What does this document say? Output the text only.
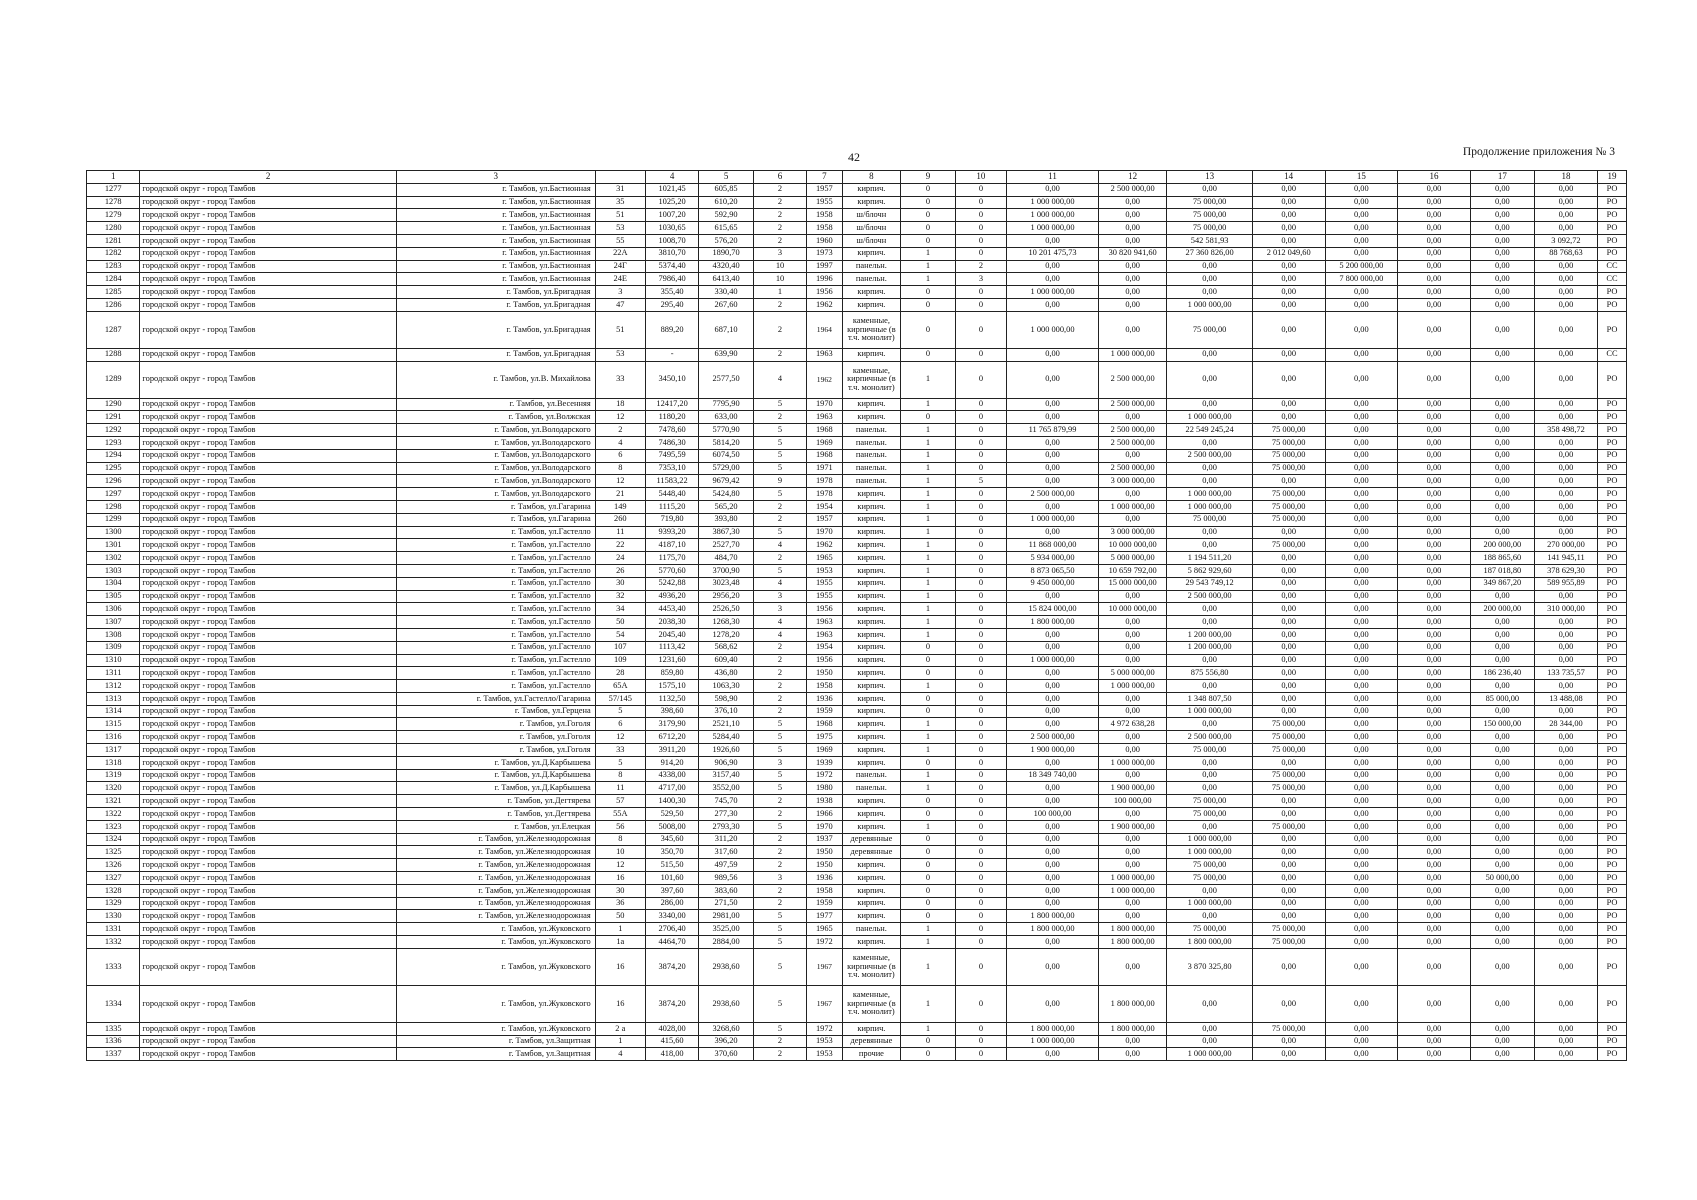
42	Продолжение приложения № 3
1	2	3		4	5	6	7	8	9	10	11	12	13	14	15	16	17	18	19
1277	городской округ - город Тамбов	г. Тамбов, ул.Бастионная	31	1021,45	605,85	2	1957	кирпич.	0	0	0,00	2 500 000,00	0,00	0,00	0,00	0,00	0,00	0,00	РО
1278	городской округ - город Тамбов	г. Тамбов, ул.Бастионная	35	1025,20	610,20	2	1955	кирпич.	0	0	1 000 000,00	0,00	75 000,00	0,00	0,00	0,00	0,00	0,00	РО
1279	городской округ - город Тамбов	г. Тамбов, ул.Бастионная	51	1007,20	592,90	2	1958	ш/блочн	0	0	1 000 000,00	0,00	75 000,00	0,00	0,00	0,00	0,00	0,00	РО
1280	городской округ - город Тамбов	г. Тамбов, ул.Бастионная	53	1030,65	615,65	2	1958	ш/блочн	0	0	1 000 000,00	0,00	75 000,00	0,00	0,00	0,00	0,00	0,00	РО
1281	городской округ - город Тамбов	г. Тамбов, ул.Бастионная	55	1008,70	576,20	2	1960	ш/блочн	0	0	0,00	0,00	542 581,93	0,00	0,00	0,00	0,00	3 092,72	РО
1282	городской округ - город Тамбов	г. Тамбов, ул.Бастионная	22А	3810,70	1890,70	3	1973	кирпич.	1	0	10 201 475,73	30 820 941,60	27 360 826,00	2 012 049,60	0,00	0,00	0,00	88 768,63	РО
1283	городской округ - город Тамбов	г. Тамбов, ул.Бастионная	24Г	5374,40	4320,40	10	1997	панельн.	1	2	0,00	0,00	0,00	0,00	5 200 000,00	0,00	0,00	0,00	СС
1284	городской округ - город Тамбов	г. Тамбов, ул.Бастионная	24Е	7986,40	6413,40	10	1996	панельн.	1	3	0,00	0,00	0,00	0,00	7 800 000,00	0,00	0,00	0,00	СС
1285	городской округ - город Тамбов	г. Тамбов, ул.Бригадная	3	355,40	330,40	1	1956	кирпич.	0	0	1 000 000,00	0,00	0,00	0,00	0,00	0,00	0,00	0,00	РО
1286	городской округ - город Тамбов	г. Тамбов, ул.Бригадная	47	295,40	267,60	2	1962	кирпич.	0	0	0,00	0,00	1 000 000,00	0,00	0,00	0,00	0,00	0,00	РО
1287	городской округ - город Тамбов	г. Тамбов, ул.Бригадная	51	889,20	687,10	2	1964	каменные, кирпичные (в т.ч. монолит)	0	0	1 000 000,00	0,00	75 000,00	0,00	0,00	0,00	0,00	0,00	РО
1288	городской округ - город Тамбов	г. Тамбов, ул.Бригадная	53	-	639,90	2	1963	кирпич.	0	0	0,00	1 000 000,00	0,00	0,00	0,00	0,00	0,00	0,00	СС
1289	городской округ - город Тамбов	г. Тамбов, ул.В. Михайлова	33	3450,10	2577,50	4	1962	каменные, кирпичные (в т.ч. монолит)	1	0	0,00	2 500 000,00	0,00	0,00	0,00	0,00	0,00	0,00	РО
1290	городской округ - город Тамбов	г. Тамбов, ул.Весенняя	18	12417,20	7795,90	5	1970	кирпич.	1	0	0,00	2 500 000,00	0,00	0,00	0,00	0,00	0,00	0,00	РО
1291	городской округ - город Тамбов	г. Тамбов, ул.Волжская	12	1180,20	633,00	2	1963	кирпич.	0	0	0,00	0,00	1 000 000,00	0,00	0,00	0,00	0,00	0,00	РО
1292	городской округ - город Тамбов	г. Тамбов, ул.Володарского	2	7478,60	5770,90	5	1968	панельн.	1	0	11 765 879,99	2 500 000,00	22 549 245,24	75 000,00	0,00	0,00	0,00	358 498,72	РО
1293	городской округ - город Тамбов	г. Тамбов, ул.Володарского	4	7486,30	5814,20	5	1969	панельн.	1	0	0,00	2 500 000,00	0,00	75 000,00	0,00	0,00	0,00	0,00	РО
1294	городской округ - город Тамбов	г. Тамбов, ул.Володарского	6	7495,59	6074,50	5	1968	панельн.	1	0	0,00	0,00	2 500 000,00	75 000,00	0,00	0,00	0,00	0,00	РО
1295	городской округ - город Тамбов	г. Тамбов, ул.Володарского	8	7353,10	5729,00	5	1971	панельн.	1	0	0,00	2 500 000,00	0,00	75 000,00	0,00	0,00	0,00	0,00	РО
1296	городской округ - город Тамбов	г. Тамбов, ул.Володарского	12	11583,22	9679,42	9	1978	панельн.	1	5	0,00	3 000 000,00	0,00	0,00	0,00	0,00	0,00	0,00	РО
1297	городской округ - город Тамбов	г. Тамбов, ул.Володарского	21	5448,40	5424,80	5	1978	кирпич.	1	0	2 500 000,00	0,00	1 000 000,00	75 000,00	0,00	0,00	0,00	0,00	РО
1298	городской округ - город Тамбов	г. Тамбов, ул.Гагарина	149	1115,20	565,20	2	1954	кирпич.	1	0	0,00	1 000 000,00	1 000 000,00	75 000,00	0,00	0,00	0,00	0,00	РО
1299	городской округ - город Тамбов	г. Тамбов, ул.Гагарина	260	719,80	393,80	2	1957	кирпич.	1	0	1 000 000,00	0,00	75 000,00	75 000,00	0,00	0,00	0,00	0,00	РО
1300	городской округ - город Тамбов	г. Тамбов, ул.Гастелло	11	9393,20	3867,30	5	1970	кирпич.	1	0	0,00	3 000 000,00	0,00	0,00	0,00	0,00	0,00	0,00	РО
1301	городской округ - город Тамбов	г. Тамбов, ул.Гастелло	22	4187,10	2527,70	4	1962	кирпич.	1	0	11 868 000,00	10 000 000,00	0,00	75 000,00	0,00	0,00	200 000,00	270 000,00	РО
1302	городской округ - город Тамбов	г. Тамбов, ул.Гастелло	24	1175,70	484,70	2	1965	кирпич.	1	0	5 934 000,00	5 000 000,00	1 194 511,20	0,00	0,00	0,00	188 865,60	141 945,11	РО
1303	городской округ - город Тамбов	г. Тамбов, ул.Гастелло	26	5770,60	3700,90	5	1953	кирпич.	1	0	8 873 065,50	10 659 792,00	5 862 929,60	0,00	0,00	0,00	187 018,80	378 629,30	РО
1304	городской округ - город Тамбов	г. Тамбов, ул.Гастелло	30	5242,88	3023,48	4	1955	кирпич.	1	0	9 450 000,00	15 000 000,00	29 543 749,12	0,00	0,00	0,00	349 867,20	589 955,89	РО
1305	городской округ - город Тамбов	г. Тамбов, ул.Гастелло	32	4936,20	2956,20	3	1955	кирпич.	1	0	0,00	0,00	2 500 000,00	0,00	0,00	0,00	0,00	0,00	РО
1306	городской округ - город Тамбов	г. Тамбов, ул.Гастелло	34	4453,40	2526,50	3	1956	кирпич.	1	0	15 824 000,00	10 000 000,00	0,00	0,00	0,00	0,00	200 000,00	310 000,00	РО
1307	городской округ - город Тамбов	г. Тамбов, ул.Гастелло	50	2038,30	1268,30	4	1963	кирпич.	1	0	1 800 000,00	0,00	0,00	0,00	0,00	0,00	0,00	0,00	РО
1308	городской округ - город Тамбов	г. Тамбов, ул.Гастелло	54	2045,40	1278,20	4	1963	кирпич.	1	0	0,00	0,00	1 200 000,00	0,00	0,00	0,00	0,00	0,00	РО
1309	городской округ - город Тамбов	г. Тамбов, ул.Гастелло	107	1113,42	568,62	2	1954	кирпич.	0	0	0,00	0,00	1 200 000,00	0,00	0,00	0,00	0,00	0,00	РО
1310	городской округ - город Тамбов	г. Тамбов, ул.Гастелло	109	1231,60	609,40	2	1956	кирпич.	0	0	1 000 000,00	0,00	0,00	0,00	0,00	0,00	0,00	0,00	РО
1311	городской округ - город Тамбов	г. Тамбов, ул.Гастелло	28	859,80	436,80	2	1950	кирпич.	0	0	0,00	5 000 000,00	875 556,80	0,00	0,00	0,00	186 236,40	133 735,57	РО
1312	городской округ - город Тамбов	г. Тамбов, ул.Гастелло	65А	1575,10	1063,30	2	1958	кирпич.	1	0	0,00	1 000 000,00	0,00	0,00	0,00	0,00	0,00	0,00	РО
1313	городской округ - город Тамбов	г. Тамбов, ул.Гастелло/Гагарина	57/145	1132,50	598,90	2	1936	кирпич.	0	0	0,00	0,00	1 348 807,50	0,00	0,00	0,00	85 000,00	13 488,08	РО
1314	городской округ - город Тамбов	г. Тамбов, ул.Герцена	5	398,60	376,10	2	1959	кирпич.	0	0	0,00	0,00	1 000 000,00	0,00	0,00	0,00	0,00	0,00	РО
1315	городской округ - город Тамбов	г. Тамбов, ул.Гоголя	6	3179,90	2521,10	5	1968	кирпич.	1	0	0,00	4 972 638,28	0,00	75 000,00	0,00	0,00	150 000,00	28 344,00	РО
1316	городской округ - город Тамбов	г. Тамбов, ул.Гоголя	12	6712,20	5284,40	5	1975	кирпич.	1	0	2 500 000,00	0,00	2 500 000,00	75 000,00	0,00	0,00	0,00	0,00	РО
1317	городской округ - город Тамбов	г. Тамбов, ул.Гоголя	33	3911,20	1926,60	5	1969	кирпич.	1	0	1 900 000,00	0,00	75 000,00	75 000,00	0,00	0,00	0,00	0,00	РО
1318	городской округ - город Тамбов	г. Тамбов, ул.Д.Карбышева	5	914,20	906,90	3	1939	кирпич.	0	0	0,00	1 000 000,00	0,00	0,00	0,00	0,00	0,00	0,00	РО
1319	городской округ - город Тамбов	г. Тамбов, ул.Д.Карбышева	8	4338,00	3157,40	5	1972	панельн.	1	0	18 349 740,00	0,00	0,00	75 000,00	0,00	0,00	0,00	0,00	РО
1320	городской округ - город Тамбов	г. Тамбов, ул.Д.Карбышева	11	4717,00	3552,00	5	1980	панельн.	1	0	0,00	1 900 000,00	0,00	75 000,00	0,00	0,00	0,00	0,00	РО
1321	городской округ - город Тамбов	г. Тамбов, ул.Дегтярева	57	1400,30	745,70	2	1938	кирпич.	0	0	0,00	100 000,00	75 000,00	0,00	0,00	0,00	0,00	0,00	РО
1322	городской округ - город Тамбов	г. Тамбов, ул.Дегтярева	55А	529,50	277,30	2	1966	кирпич.	0	0	100 000,00	0,00	75 000,00	0,00	0,00	0,00	0,00	0,00	РО
1323	городской округ - город Тамбов	г. Тамбов, ул.Елецкая	56	5008,00	2793,30	5	1970	кирпич.	1	0	0,00	1 900 000,00	0,00	75 000,00	0,00	0,00	0,00	0,00	РО
1324	городской округ - город Тамбов	г. Тамбов, ул.Железнодорожная	8	345,60	311,20	2	1937	деревянные	0	0	0,00	0,00	1 000 000,00	0,00	0,00	0,00	0,00	0,00	РО
1325	городской округ - город Тамбов	г. Тамбов, ул.Железнодорожная	10	350,70	317,60	2	1950	деревянные	0	0	0,00	0,00	1 000 000,00	0,00	0,00	0,00	0,00	0,00	РО
1326	городской округ - город Тамбов	г. Тамбов, ул.Железнодорожная	12	515,50	497,59	2	1950	кирпич.	0	0	0,00	0,00	75 000,00	0,00	0,00	0,00	0,00	0,00	РО
1327	городской округ - город Тамбов	г. Тамбов, ул.Железнодорожная	16	101,60	989,56	3	1936	кирпич.	0	0	0,00	1 000 000,00	75 000,00	0,00	0,00	0,00	50 000,00	0,00	РО
1328	городской округ - город Тамбов	г. Тамбов, ул.Железнодорожная	30	397,60	383,60	2	1958	кирпич.	0	0	0,00	1 000 000,00	0,00	0,00	0,00	0,00	0,00	0,00	РО
1329	городской округ - город Тамбов	г. Тамбов, ул.Железнодорожная	36	286,00	271,50	2	1959	кирпич.	0	0	0,00	0,00	1 000 000,00	0,00	0,00	0,00	0,00	0,00	РО
1330	городской округ - город Тамбов	г. Тамбов, ул.Железнодорожная	50	3340,00	2981,00	5	1977	кирпич.	0	0	1 800 000,00	0,00	0,00	0,00	0,00	0,00	0,00	0,00	РО
1331	городской округ - город Тамбов	г. Тамбов, ул.Жуковского	1	2706,40	3525,00	5	1965	панельн.	1	0	1 800 000,00	1 800 000,00	75 000,00	75 000,00	0,00	0,00	0,00	0,00	РО
1332	городской округ - город Тамбов	г. Тамбов, ул.Жуковского	1а	4464,70	2884,00	5	1972	кирпич.	1	0	0,00	1 800 000,00	1 800 000,00	75 000,00	0,00	0,00	0,00	0,00	РО
1333	городской округ - город Тамбов	г. Тамбов, ул.Жуковского	16	3874,20	2938,60	5	1967	каменные, кирпичные (в т.ч. монолит)	1	0	0,00	0,00	3 870 325,80	0,00	0,00	0,00	0,00	0,00	РО
1334	городской округ - город Тамбов	г. Тамбов, ул.Жуковского	16	3874,20	2938,60	5	1967	каменные, кирпичные (в т.ч. монолит)	1	0	0,00	1 800 000,00	0,00	0,00	0,00	0,00	0,00	0,00	РО
1335	городской округ - город Тамбов	г. Тамбов, ул.Жуковского	2 а	4028,00	3268,60	5	1972	кирпич.	1	0	1 800 000,00	1 800 000,00	0,00	75 000,00	0,00	0,00	0,00	0,00	РО
1336	городской округ - город Тамбов	г. Тамбов, ул.Защитная	1	415,60	396,20	2	1953	деревянные	0	0	1 000 000,00	0,00	0,00	0,00	0,00	0,00	0,00	0,00	РО
1337	городской округ - город Тамбов	г. Тамбов, ул.Защитная	4	418,00	370,60	2	1953	прочие	0	0	0,00	0,00	1 000 000,00	0,00	0,00	0,00	0,00	0,00	РО
